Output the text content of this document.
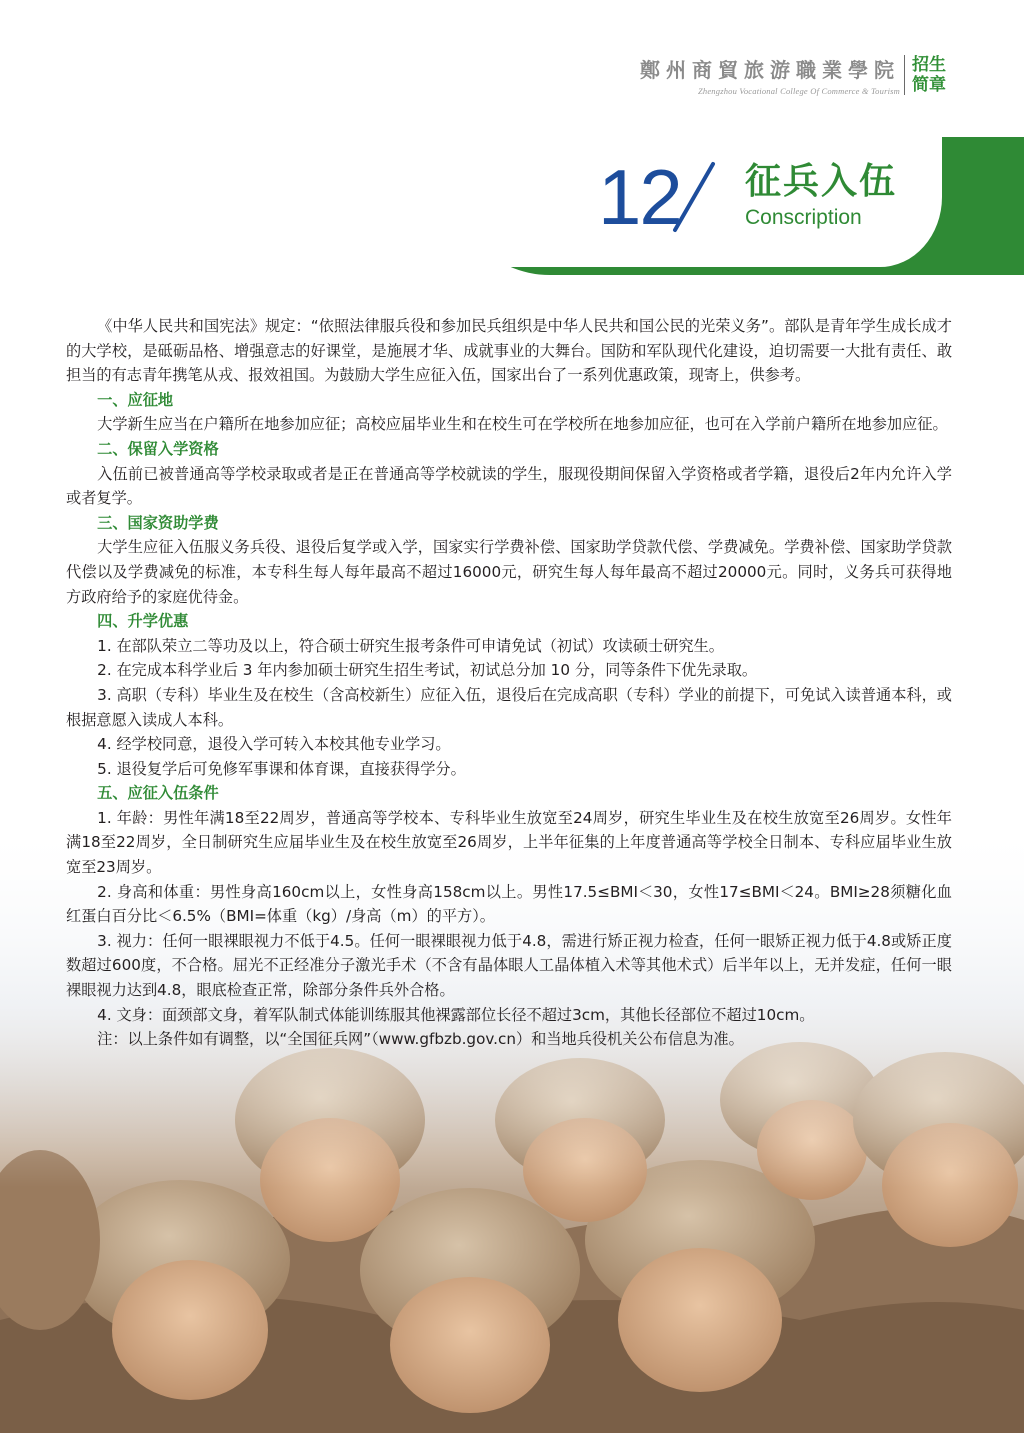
鄭州商貿旅游職業學院
Zhengzhou Vocational College Of Commerce & Tourism
招生
简章
12 征兵入伍
Conscription

《中华人民共和国宪法》规定：“依照法律服兵役和参加民兵组织是中华人民共和国公民的光荣义务”。部队是青年学生成长成才的大学校，是砥砺品格、增强意志的好课堂，是施展才华、成就事业的大舞台。国防和军队现代化建设，迫切需要一大批有责任、敢担当的有志青年携笔从戎、报效祖国。为鼓励大学生应征入伍，国家出台了一系列优惠政策，现寄上，供参考。

一、应征地

大学新生应当在户籍所在地参加应征；高校应届毕业生和在校生可在学校所在地参加应征，也可在入学前户籍所在地参加应征。

二、保留入学资格

入伍前已被普通高等学校录取或者是正在普通高等学校就读的学生，服现役期间保留入学资格或者学籍，退役后2年内允许入学或者复学。

三、国家资助学费

大学生应征入伍服义务兵役、退役后复学或入学，国家实行学费补偿、国家助学贷款代偿、学费减免。学费补偿、国家助学贷款代偿以及学费减免的标准，本专科生每人每年最高不超过16000元，研究生每人每年最高不超过20000元。同时，义务兵可获得地方政府给予的家庭优待金。

四、升学优惠

1. 在部队荣立二等功及以上，符合硕士研究生报考条件可申请免试（初试）攻读硕士研究生。

2. 在完成本科学业后 3 年内参加硕士研究生招生考试，初试总分加 10 分，同等条件下优先录取。

3. 高职（专科）毕业生及在校生（含高校新生）应征入伍，退役后在完成高职（专科）学业的前提下，可免试入读普通本科，或根据意愿入读成人本科。

4. 经学校同意，退役入学可转入本校其他专业学习。

5. 退役复学后可免修军事课和体育课，直接获得学分。

五、应征入伍条件

1. 年龄：男性年满18至22周岁，普通高等学校本、专科毕业生放宽至24周岁，研究生毕业生及在校生放宽至26周岁。女性年满18至22周岁，全日制研究生应届毕业生及在校生放宽至26周岁，上半年征集的上年度普通高等学校全日制本、专科应届毕业生放宽至23周岁。

2. 身高和体重：男性身高160cm以上，女性身高158cm以上。男性17.5≤BMI＜30，女性17≤BMI＜24。BMI≥28须糖化血红蛋白百分比＜6.5%（BMI=体重（kg）/身高（m）的平方）。

3. 视力：任何一眼裸眼视力不低于4.5。任何一眼裸眼视力低于4.8，需进行矫正视力检查，任何一眼矫正视力低于4.8或矫正度数超过600度，不合格。屈光不正经准分子激光手术（不含有晶体眼人工晶体植入术等其他术式）后半年以上，无并发症，任何一眼裸眼视力达到4.8，眼底检查正常，除部分条件兵外合格。

4. 文身：面颈部文身，着军队制式体能训练服其他裸露部位长径不超过3cm，其他长径部位不超过10cm。

注：以上条件如有调整，以“全国征兵网”（www.gfbzb.gov.cn）和当地兵役机关公布信息为准。
